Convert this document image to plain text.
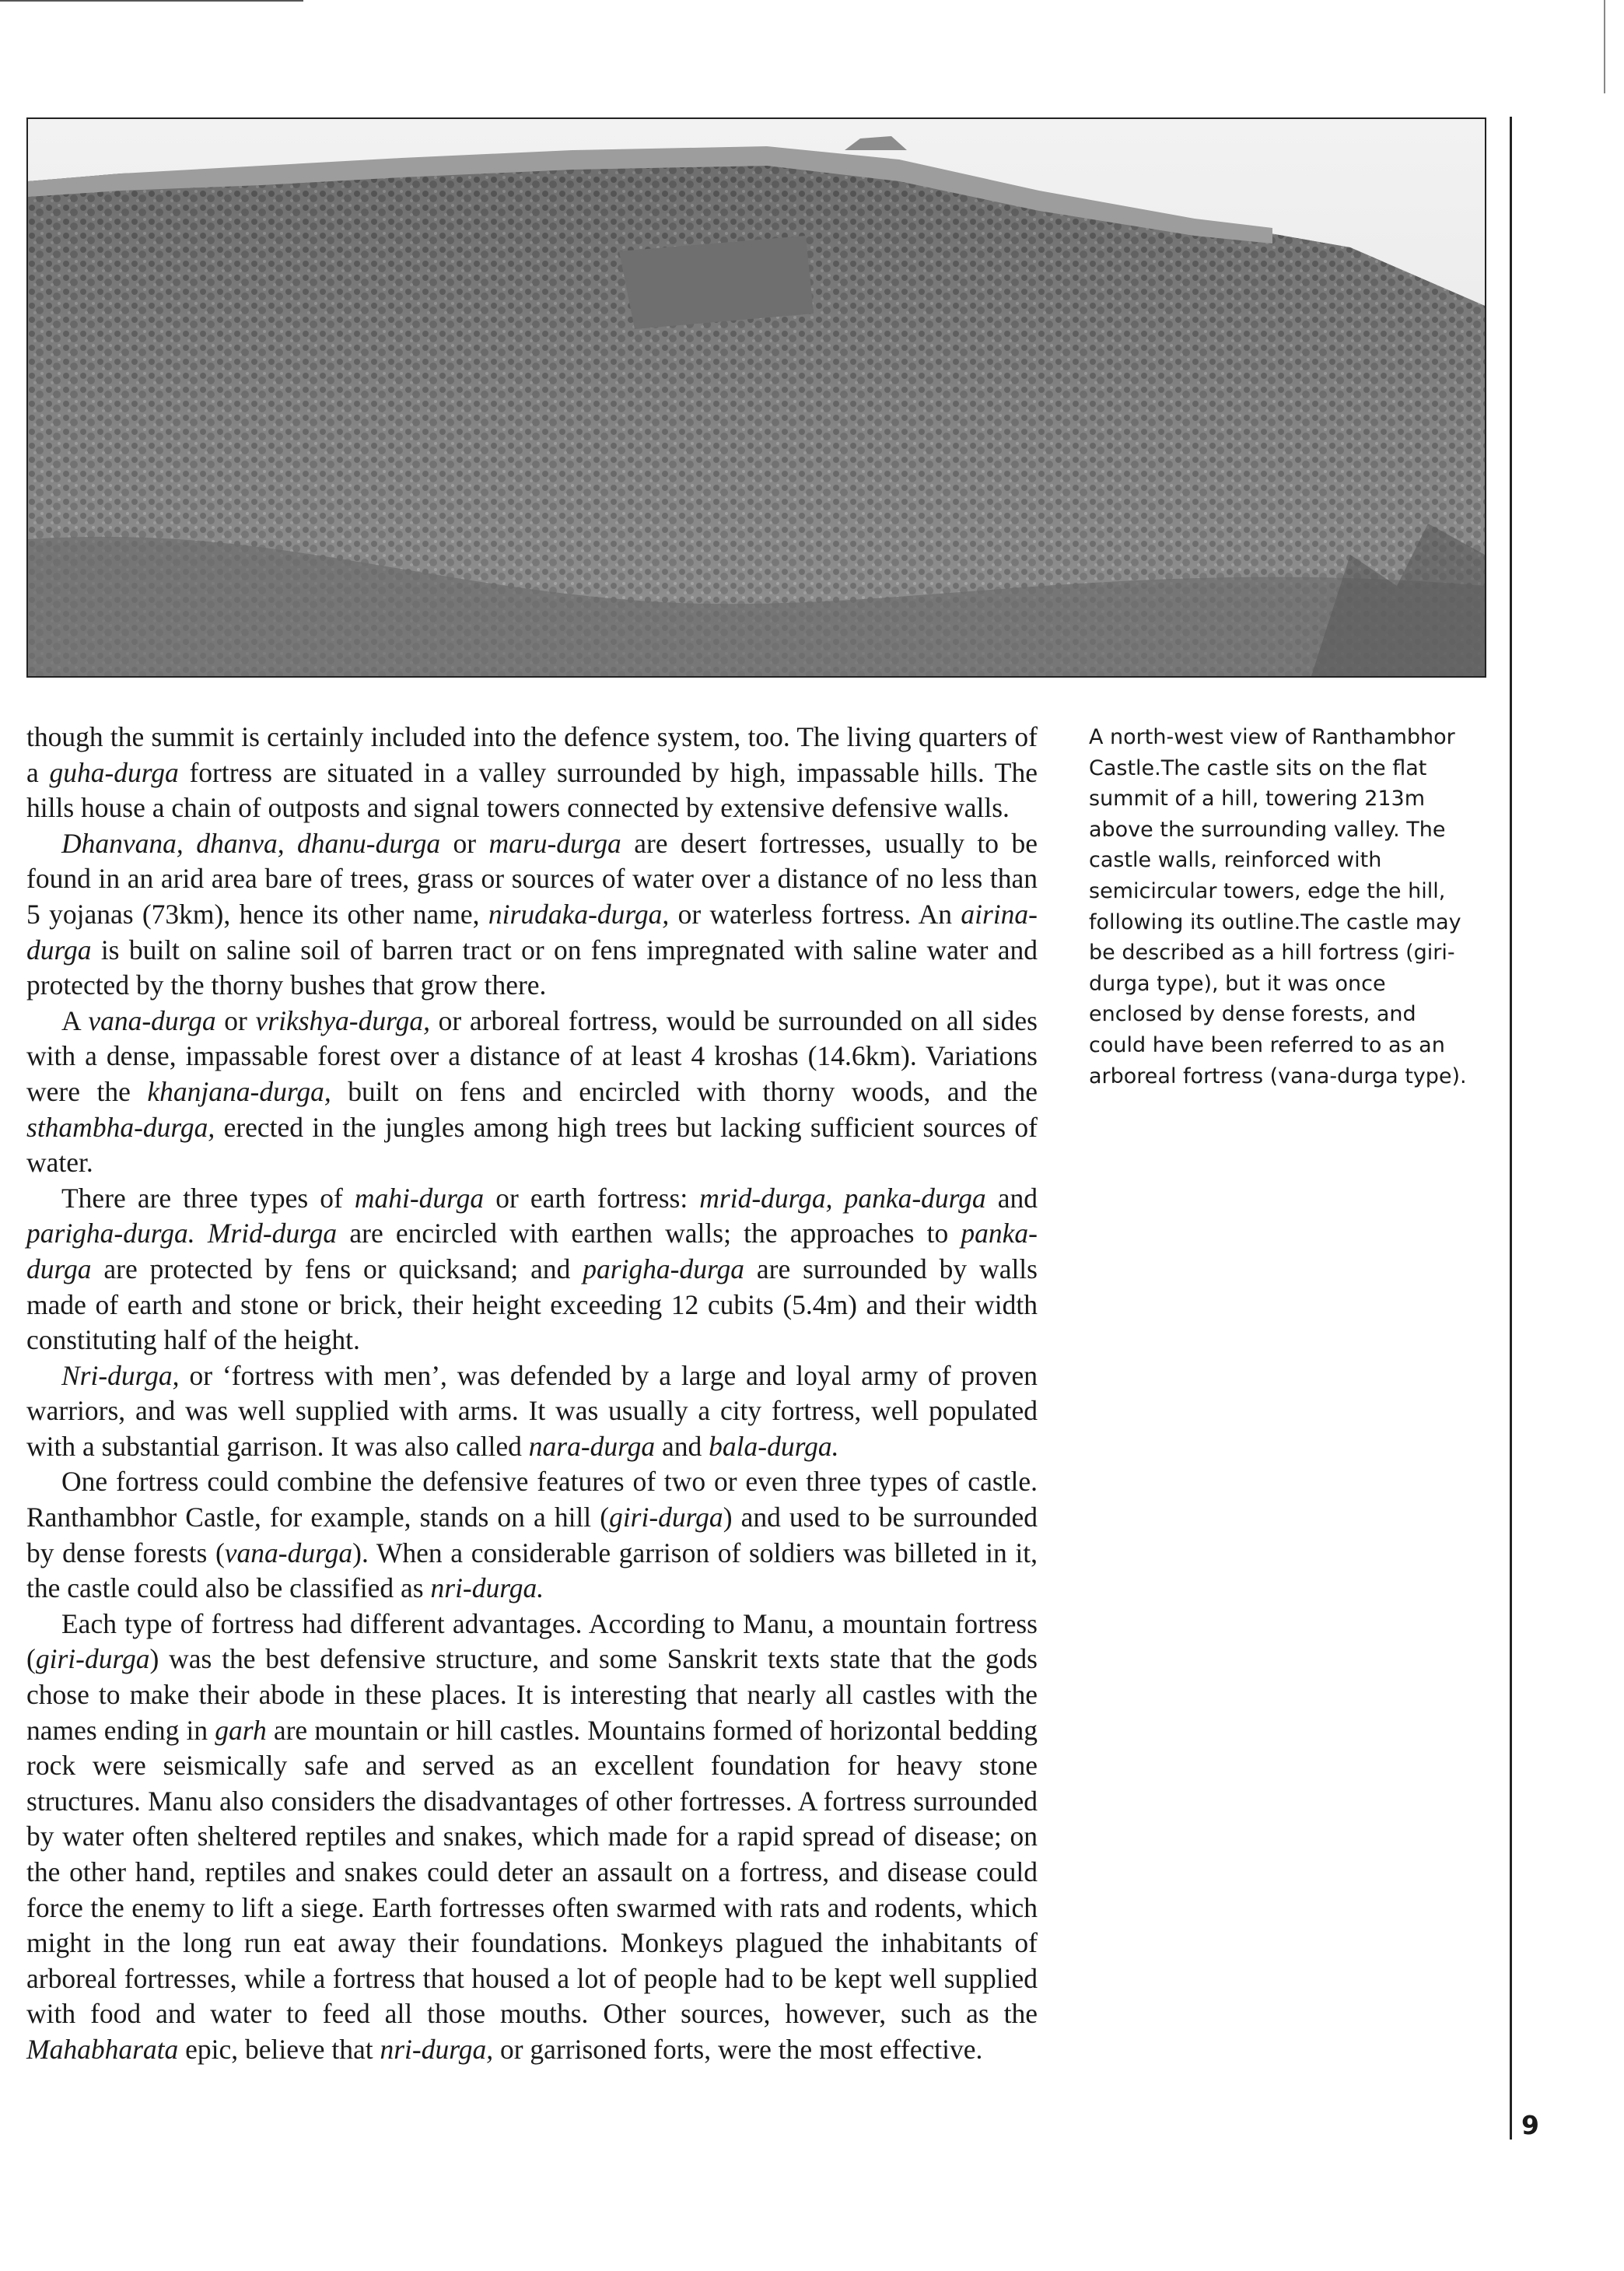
though the summit is certainly included into the defence system, too. The living quarters of a guha-durga fortress are situated in a valley surrounded by high, impassable hills. The hills house a chain of outposts and signal towers connected by extensive defensive walls.

Dhanvana, dhanva, dhanu-durga or maru-durga are desert fortresses, usually to be found in an arid area bare of trees, grass or sources of water over a distance of no less than 5 yojanas (73km), hence its other name, nirudaka-durga, or waterless fortress. An airina-durga is built on saline soil of barren tract or on fens impregnated with saline water and protected by the thorny bushes that grow there.

A vana-durga or vrikshya-durga, or arboreal fortress, would be surrounded on all sides with a dense, impassable forest over a distance of at least 4 kroshas (14.6km). Variations were the khanjana-durga, built on fens and encircled with thorny woods, and the sthambha-durga, erected in the jungles among high trees but lacking sufficient sources of water.

There are three types of mahi-durga or earth fortress: mrid-durga, panka-durga and parigha-durga. Mrid-durga are encircled with earthen walls; the approaches to panka-durga are protected by fens or quicksand; and parigha-durga are surrounded by walls made of earth and stone or brick, their height exceeding 12 cubits (5.4m) and their width constituting half of the height.

Nri-durga, or ‘fortress with men’, was defended by a large and loyal army of proven warriors, and was well supplied with arms. It was usually a city fortress, well populated with a substantial garrison. It was also called nara-durga and bala-durga.

One fortress could combine the defensive features of two or even three types of castle. Ranthambhor Castle, for example, stands on a hill (giri-durga) and used to be surrounded by dense forests (vana-durga). When a considerable garrison of soldiers was billeted in it, the castle could also be classified as nri-durga.

Each type of fortress had different advantages. According to Manu, a mountain fortress (giri-durga) was the best defensive structure, and some Sanskrit texts state that the gods chose to make their abode in these places. It is interesting that nearly all castles with the names ending in garh are mountain or hill castles. Mountains formed of horizontal bedding rock were seismically safe and served as an excellent foundation for heavy stone structures. Manu also considers the disadvantages of other fortresses. A fortress surrounded by water often sheltered reptiles and snakes, which made for a rapid spread of disease; on the other hand, reptiles and snakes could deter an assault on a fortress, and disease could force the enemy to lift a siege. Earth fortresses often swarmed with rats and rodents, which might in the long run eat away their foundations. Monkeys plagued the inhabitants of arboreal fortresses, while a fortress that housed a lot of people had to be kept well supplied with food and water to feed all those mouths. Other sources, however, such as the Mahabharata epic, believe that nri-durga, or garrisoned forts, were the most effective.

A north-west view of Ranthambhor Castle.The castle sits on the flat summit of a hill, towering 213m above the surrounding valley. The castle walls, reinforced with semicircular towers, edge the hill, following its outline.The castle may be described as a hill fortress (giri-durga type), but it was once enclosed by dense forests, and could have been referred to as an arboreal fortress (vana-durga type).

9
